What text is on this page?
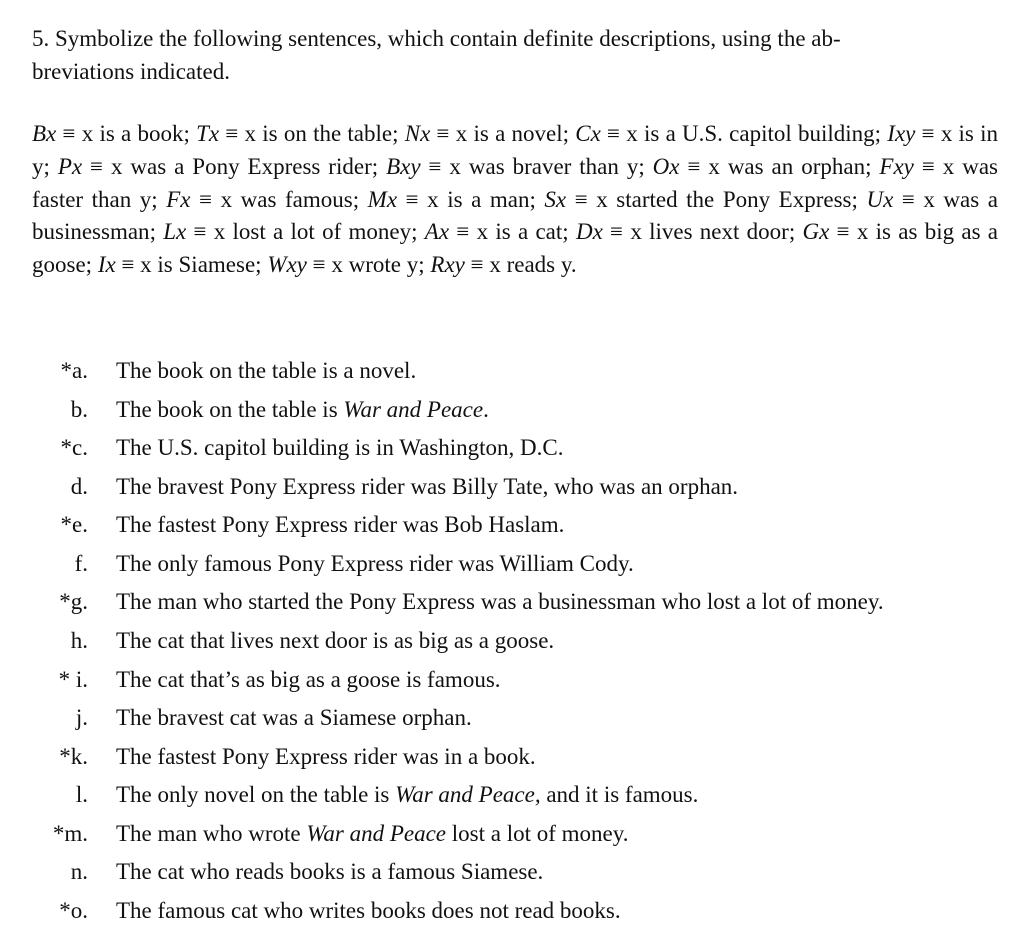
5. Symbolize the following sentences, which contain definite descriptions, using the ab-
breviations indicated.

Bx ≡ x is a book; Tx ≡ x is on the table; Nx ≡ x is a novel; Cx ≡ x is a U.S. capitol building; Ixy ≡ x is in y; Px ≡ x was a Pony Express rider; Bxy ≡ x was braver than y; Ox ≡ x was an orphan; Fxy ≡ x was faster than y; Fx ≡ x was famous; Mx ≡ x is a man; Sx ≡ x started the Pony Express; Ux ≡ x was a businessman; Lx ≡ x lost a lot of money; Ax ≡ x is a cat; Dx ≡ x lives next door; Gx ≡ x is as big as a goose; Ix ≡ x is Siamese; Wxy ≡ x wrote y; Rxy ≡ x reads y.

*a. The book on the table is a novel.
b. The book on the table is War and Peace.
*c. The U.S. capitol building is in Washington, D.C.
d. The bravest Pony Express rider was Billy Tate, who was an orphan.
*e. The fastest Pony Express rider was Bob Haslam.
f. The only famous Pony Express rider was William Cody.
*g. The man who started the Pony Express was a businessman who lost a lot of money.
h. The cat that lives next door is as big as a goose.
* i. The cat that’s as big as a goose is famous.
j. The bravest cat was a Siamese orphan.
*k. The fastest Pony Express rider was in a book.
l. The only novel on the table is War and Peace, and it is famous.
*m. The man who wrote War and Peace lost a lot of money.
n. The cat who reads books is a famous Siamese.
*o. The famous cat who writes books does not read books.
